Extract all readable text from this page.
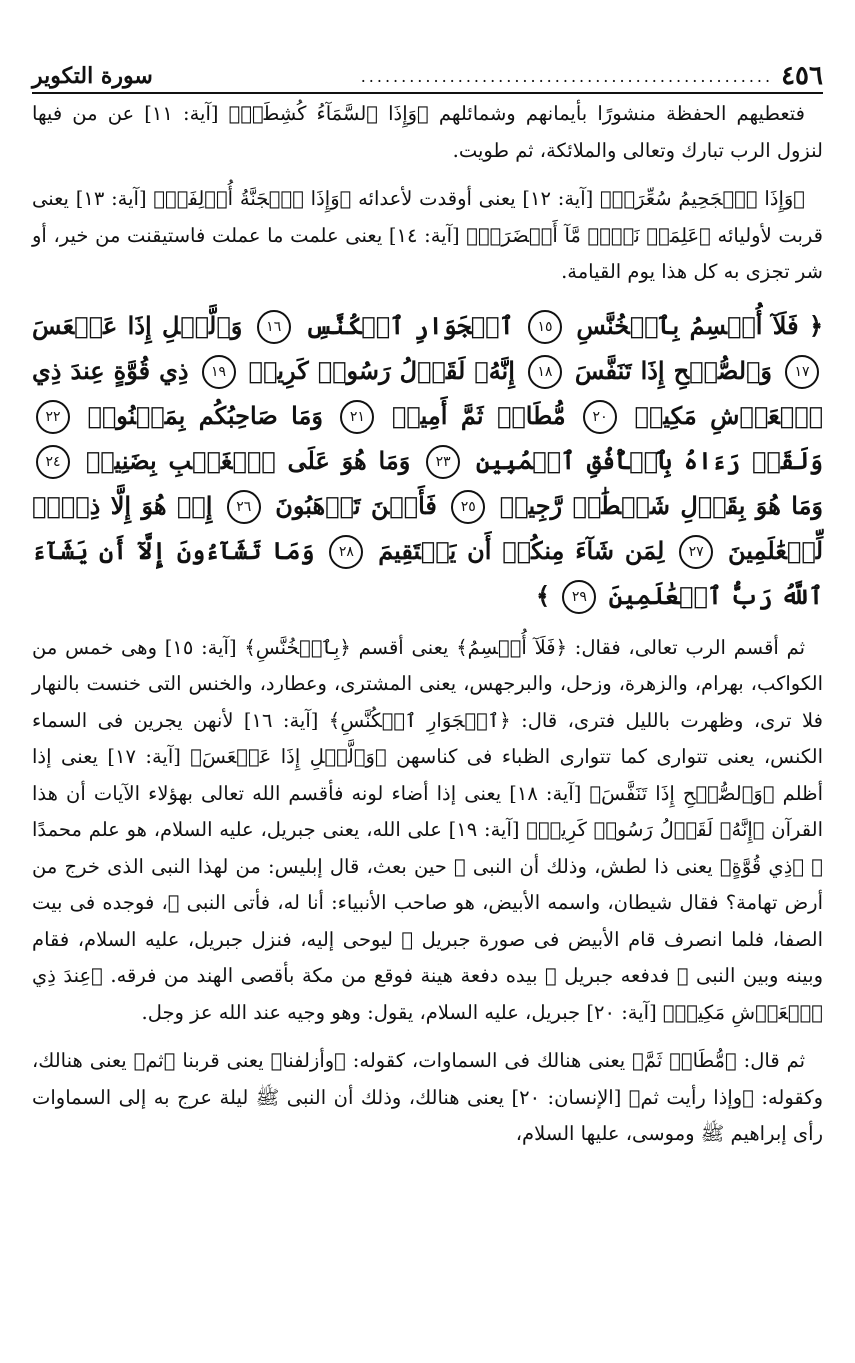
٤٥٦
...................................................
سورة التكوير

فتعطيهم الحفظة منشورًا بأيمانهم وشمائلهم ﴿وَإِذَا ٱلسَّمَآءُ كُشِطَتۡ﴾ [آية: ١١] عن من فيها لنزول الرب تبارك وتعالى والملائكة، ثم طويت.

﴿وَإِذَا ٱلۡجَحِيمُ سُعِّرَتۡ﴾ [آية: ١٢] يعنى أوقدت لأعدائه ﴿وَإِذَا ٱلۡجَنَّةُ أُزۡلِفَتۡ﴾ [آية: ١٣] يعنى قربت لأوليائه ﴿عَلِمَتۡ نَفۡسٞ مَّآ أَحۡضَرَتۡ﴾ [آية: ١٤] يعنى علمت ما عملت فاستيقنت من خير، أو شر تجزى به كل هذا يوم القيامة.

﴿ فَلَآ أُقۡسِمُ بِٱلۡخُنَّسِ ١٥ ٱلۡجَوَارِ ٱلۡكُنَّسِ ١٦ وَٱلَّيۡلِ إِذَا عَسۡعَسَ ١٧ وَٱلصُّبۡحِ إِذَا تَنَفَّسَ ١٨ إِنَّهُۥ لَقَوۡلُ رَسُولٖ كَرِيمٖ ١٩ ذِي قُوَّةٍ عِندَ ذِي ٱلۡعَرۡشِ مَكِينٖ ٢٠ مُّطَاعٖ ثَمَّ أَمِينٖ ٢١ وَمَا صَاحِبُكُم بِمَجۡنُونٖ ٢٢ وَلَقَدۡ رَءَاهُ بِٱلۡأُفُقِ ٱلۡمُبِينِ ٢٣ وَمَا هُوَ عَلَى ٱلۡغَيۡبِ بِضَنِينٖ ٢٤ وَمَا هُوَ بِقَوۡلِ شَيۡطَٰنٖ رَّجِيمٖ ٢٥ فَأَيۡنَ تَذۡهَبُونَ ٢٦ إِنۡ هُوَ إِلَّا ذِكۡرٞ لِّلۡعَٰلَمِينَ ٢٧ لِمَن شَآءَ مِنكُمۡ أَن يَسۡتَقِيمَ ٢٨ وَمَا تَشَآءُونَ إِلَّآ أَن يَشَآءَ ٱللَّهُ رَبُّ ٱلۡعَٰلَمِينَ ٢٩ ﴾

ثم أقسم الرب تعالى، فقال: ﴿فَلَآ أُقۡسِمُ﴾ يعنى أقسم ﴿بِٱلۡخُنَّسِ﴾ [آية: ١٥] وهى خمس من الكواكب، بهرام، والزهرة، وزحل، والبرجهس، يعنى المشترى، وعطارد، والخنس التى خنست بالنهار فلا ترى، وظهرت بالليل فترى، قال: ﴿ٱلۡجَوَارِ ٱلۡكُنَّسِ﴾ [آية: ١٦] لأنهن يجرين فى السماء الكنس، يعنى تتوارى كما تتوارى الظباء فى كناسهن ﴿وَٱلَّيۡلِ إِذَا عَسۡعَسَ﴾ [آية: ١٧] يعنى إذا أظلم ﴿وَٱلصُّبۡحِ إِذَا تَنَفَّسَ﴾ [آية: ١٨] يعنى إذا أضاء لونه فأقسم الله تعالى بهؤلاء الآيات أن هذا القرآن ﴿إِنَّهُۥ لَقَوۡلُ رَسُولٖ كَرِيمٖ﴾ [آية: ١٩] على الله، يعنى جبريل، عليه السلام، هو علم محمدًا ﷺ ﴿ذِي قُوَّةٍ﴾ يعنى ذا لطش، وذلك أن النبى ﷺ حين بعث، قال إبليس: من لهذا النبى الذى خرج من أرض تهامة؟ فقال شيطان، واسمه الأبيض، هو صاحب الأنبياء: أنا له، فأتى النبى ﷺ، فوجده فى بيت الصفا، فلما انصرف قام الأبيض فى صورة جبريل ﷺ ليوحى إليه، فنزل جبريل، عليه السلام، فقام وبينه وبين النبى ﷺ فدفعه جبريل ﷺ بيده دفعة هينة فوقع من مكة بأقصى الهند من فرقه. ﴿عِندَ ذِي ٱلۡعَرۡشِ مَكِينٖ﴾ [آية: ٢٠] جبريل، عليه السلام، يقول: وهو وجيه عند الله عز وجل.

ثم قال: ﴿مُّطَاعٖ ثَمَّ﴾ يعنى هنالك فى السماوات، كقوله: ﴿وأزلفنا﴾ يعنى قربنا ﴿ثم﴾ يعنى هنالك، وكقوله: ﴿وإذا رأيت ثم﴾ [الإنسان: ٢٠] يعنى هنالك، وذلك أن النبى ﷺ ليلة عرج به إلى السماوات رأى إبراهيم ﷺ وموسى، عليها السلام،
